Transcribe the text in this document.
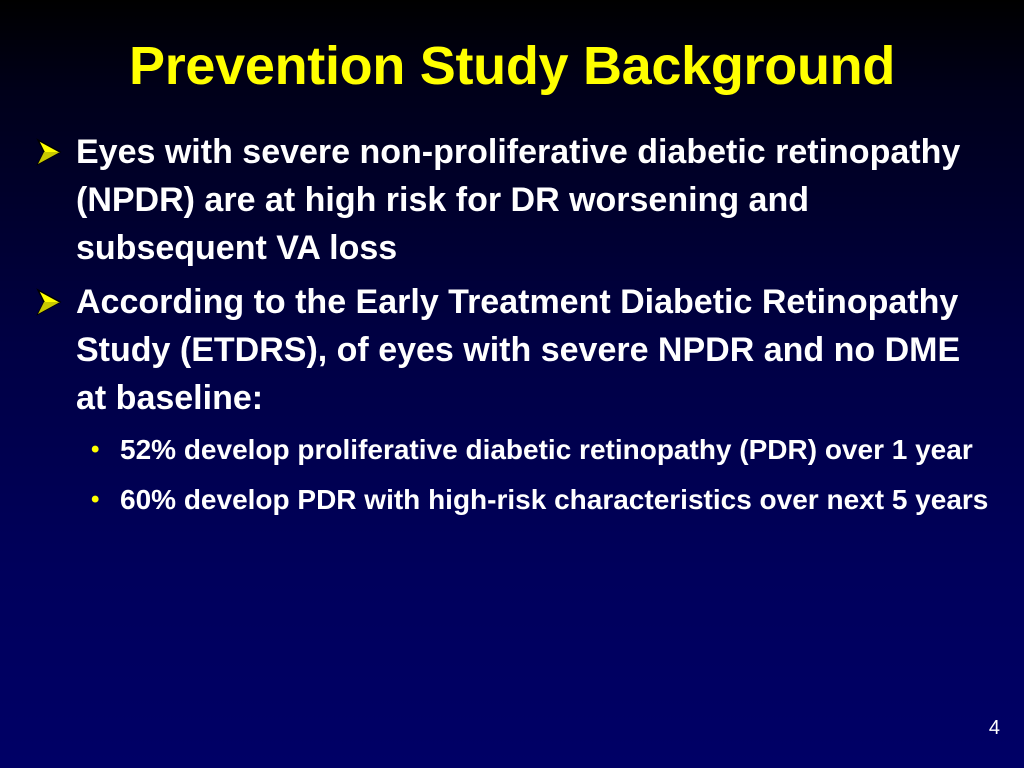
Prevention Study Background
Eyes with severe non-proliferative diabetic retinopathy (NPDR) are at high risk for DR worsening and subsequent VA loss
According to the Early Treatment Diabetic Retinopathy Study (ETDRS), of eyes with severe NPDR and no DME at baseline:
• 52% develop proliferative diabetic retinopathy (PDR) over 1 year
• 60% develop PDR with high-risk characteristics over next 5 years
4
